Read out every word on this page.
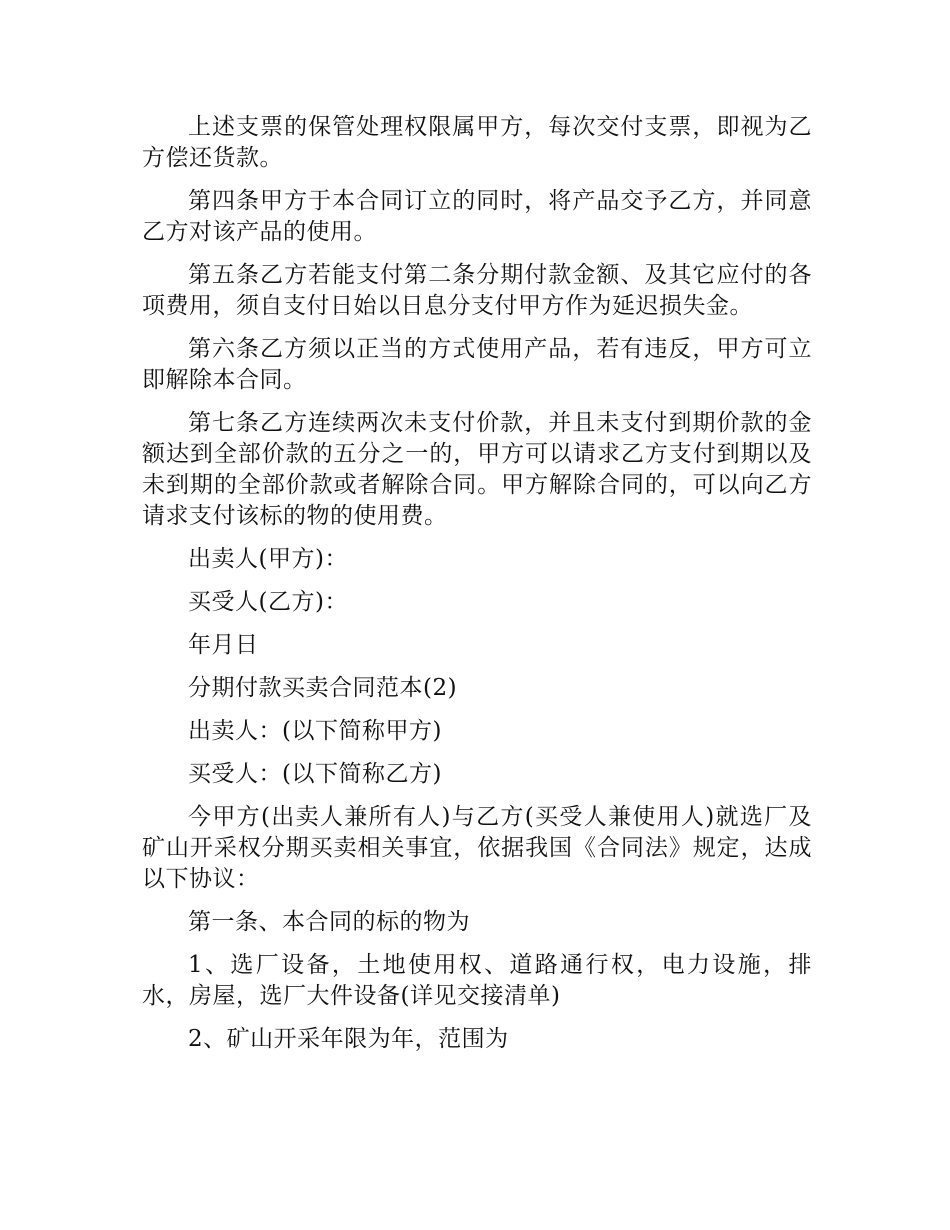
上述支票的保管处理权限属甲方，每次交付支票，即视为乙方偿还货款。

第四条甲方于本合同订立的同时，将产品交予乙方，并同意乙方对该产品的使用。

第五条乙方若能支付第二条分期付款金额、及其它应付的各项费用，须自支付日始以日息分支付甲方作为延迟损失金。

第六条乙方须以正当的方式使用产品，若有违反，甲方可立即解除本合同。

第七条乙方连续两次未支付价款，并且未支付到期价款的金额达到全部价款的五分之一的，甲方可以请求乙方支付到期以及未到期的全部价款或者解除合同。甲方解除合同的，可以向乙方请求支付该标的物的使用费。

出卖人(甲方)：

买受人(乙方)：

年月日

分期付款买卖合同范本(2)

出卖人：(以下简称甲方)

买受人：(以下简称乙方)

今甲方(出卖人兼所有人)与乙方(买受人兼使用人)就选厂及矿山开采权分期买卖相关事宜，依据我国《合同法》规定，达成以下协议：

第一条、本合同的标的物为

1、选厂设备，土地使用权、道路通行权，电力设施，排水，房屋，选厂大件设备(详见交接清单)

2、矿山开采年限为年，范围为
